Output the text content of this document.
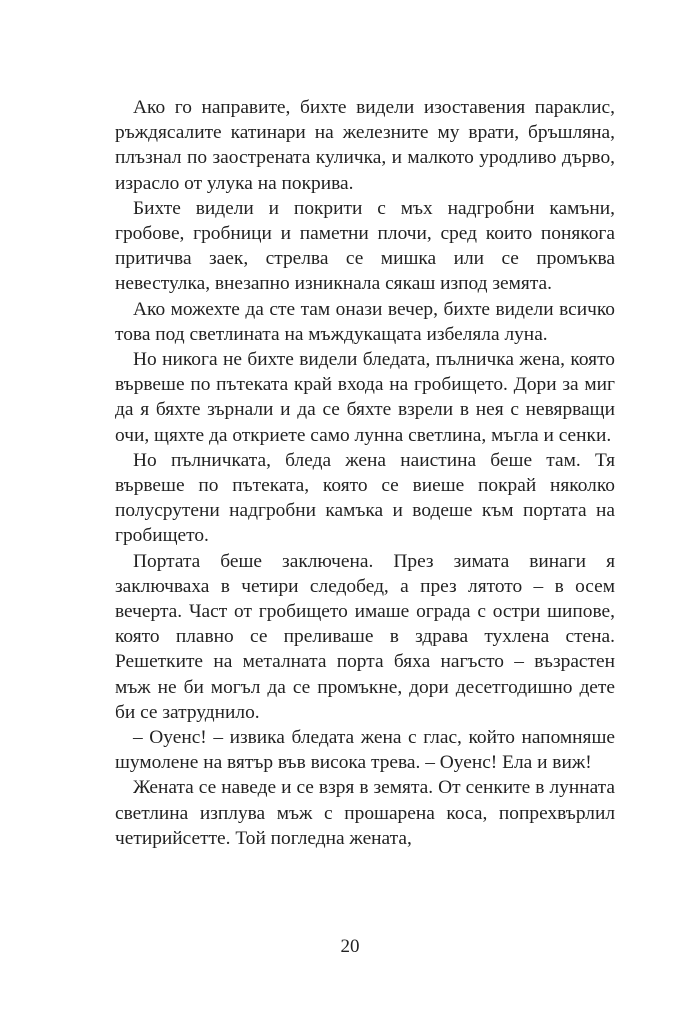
Ако го направите, бихте видели изоставения параклис, ръждясалите катинари на железните му врати, бръшляна, плъзнал по заострената куличка, и малкото уродливо дърво, израсло от улука на покрива.

Бихте видели и покрити с мъх надгробни камъни, гробове, гробници и паметни плочи, сред които понякога притичва заек, стрелва се мишка или се промъква невестулка, внезапно изникнала сякаш изпод земята.

Ако можехте да сте там онази вечер, бихте видели всичко това под светлината на мъждукащата избеляла луна.

Но никога не бихте видели бледата, пълничка жена, която вървеше по пътеката край входа на гробището. Дори за миг да я бяхте зърнали и да се бяхте взрели в нея с невярващи очи, щяхте да откриете само лунна светлина, мъгла и сенки.

Но пълничката, бледа жена наистина беше там. Тя вървеше по пътеката, която се виеше покрай няколко полусрутени надгробни камъка и водеше към портата на гробището.

Портата беше заключена. През зимата винаги я заключваха в четири следобед, а през лятото – в осем вечерта. Част от гробището имаше ограда с остри шипове, която плавно се преливаше в здрава тухлена стена. Решетките на металната порта бяха нагъсто – възрастен мъж не би могъл да се промъкне, дори десетгодишно дете би се затруднило.

– Оуенс! – извика бледата жена с глас, който напомняше шумолене на вятър във висока трева. – Оуенс! Ела и виж!

Жената се наведе и се взря в земята. От сенките в лунната светлина изплува мъж с прошарена коса, попрехвърлил четирийсетте. Той погледна жената,

20
